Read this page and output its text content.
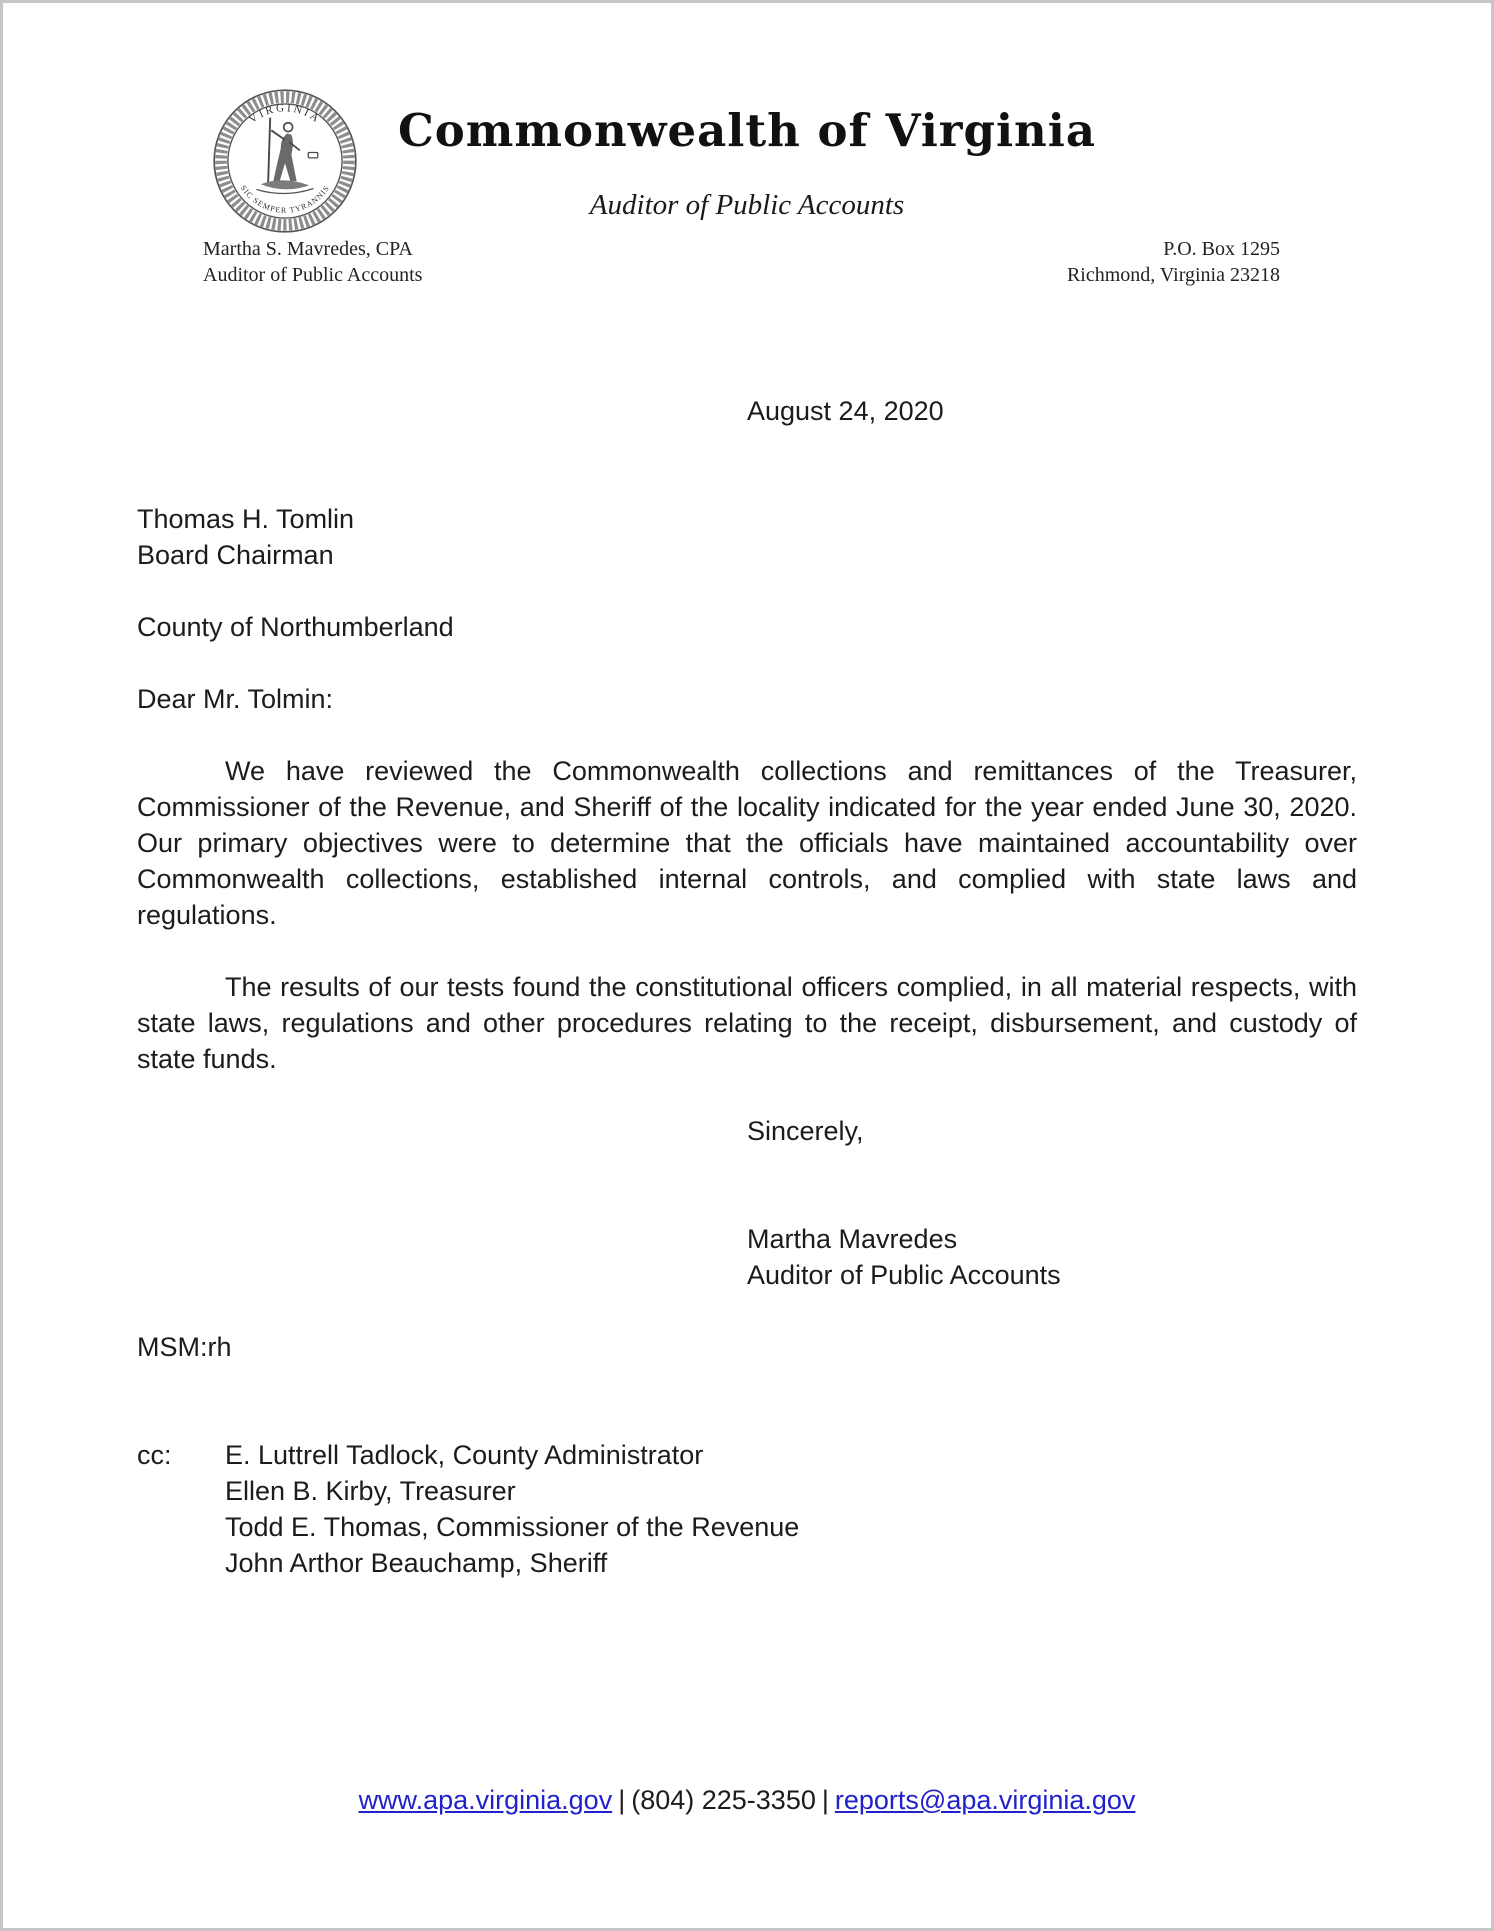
VIRGINIA
SIC SEMPER TYRANNIS
Commonwealth of Virginia
Auditor of Public Accounts
Martha S. Mavredes, CPA
Auditor of Public Accounts
P.O. Box 1295
Richmond, Virginia 23218
August 24, 2020
Thomas H. Tomlin
Board Chairman
County of Northumberland
Dear Mr. Tolmin:

We have reviewed the Commonwealth collections and remittances of the Treasurer, Commissioner of the Revenue, and Sheriff of the locality indicated for the year ended June 30, 2020. Our primary objectives were to determine that the officials have maintained accountability over Commonwealth collections, established internal controls, and complied with state laws and regulations.

The results of our tests found the constitutional officers complied, in all material respects, with state laws, regulations and other procedures relating to the receipt, disbursement, and custody of state funds.

Sincerely,
Martha Mavredes
Auditor of Public Accounts
MSM:rh
cc:	E. Luttrell Tadlock, County Administrator
Ellen B. Kirby, Treasurer
Todd E. Thomas, Commissioner of the Revenue
John Arthor Beauchamp, Sheriff
www.apa.virginia.gov | (804) 225-3350 | reports@apa.virginia.gov
